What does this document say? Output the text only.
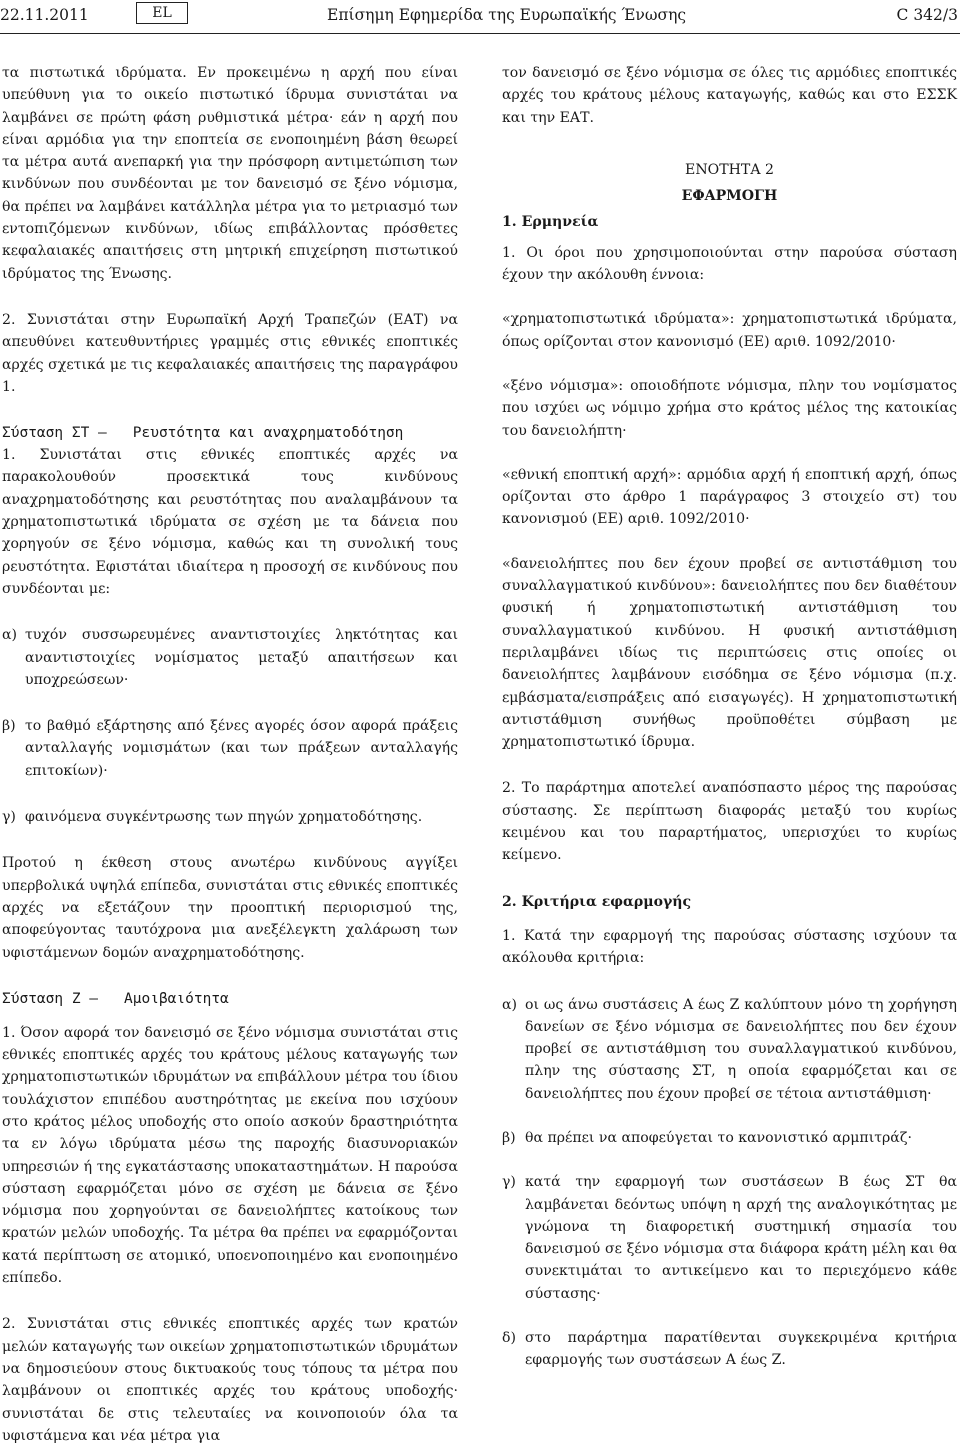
22.11.2011	EL	Επίσημη Εφημερίδα της Ευρωπαϊκής Ένωσης	C 342/3

τα πιστωτικά ιδρύματα. Εν προκειμένω η αρχή που είναι υπεύθυνη για το οικείο πιστωτικό ίδρυμα συνιστάται να λαμβάνει σε πρώτη φάση ρυθμιστικά μέτρα· εάν η αρχή που είναι αρμόδια για την εποπτεία σε ενοποιημένη βάση θεωρεί τα μέτρα αυτά ανεπαρκή για την πρόσφορη αντιμετώπιση των κινδύνων που συνδέονται με τον δανεισμό σε ξένο νόμισμα, θα πρέπει να λαμβάνει κατάλληλα μέτρα για το μετριασμό των εντοπιζόμενων κινδύνων, ιδίως επιβάλλοντας πρόσθετες κεφαλαιακές απαιτήσεις στη μητρική επιχείρηση πιστωτικού ιδρύματος της Ένωσης.

2. Συνιστάται στην Ευρωπαϊκή Αρχή Τραπεζών (ΕΑΤ) να απευθύνει κατευθυντήριες γραμμές στις εθνικές εποπτικές αρχές σχετικά με τις κεφαλαιακές απαιτήσεις της παραγράφου 1.

Σύσταση ΣΤ – Ρευστότητα και αναχρηματοδότηση

1. Συνιστάται στις εθνικές εποπτικές αρχές να παρακολουθούν προσεκτικά τους κινδύνους αναχρηματοδότησης και ρευστότητας που αναλαμβάνουν τα χρηματοπιστωτικά ιδρύματα σε σχέση με τα δάνεια που χορηγούν σε ξένο νόμισμα, καθώς και τη συνολική τους ρευστότητα. Εφιστάται ιδιαίτερα η προσοχή σε κινδύνους που συνδέονται με:

α) τυχόν συσσωρευμένες αναντιστοιχίες ληκτότητας και αναντιστοιχίες νομίσματος μεταξύ απαιτήσεων και υποχρεώσεων·

β) το βαθμό εξάρτησης από ξένες αγορές όσον αφορά πράξεις ανταλλαγής νομισμάτων (και των πράξεων ανταλλαγής επιτοκίων)·

γ) φαινόμενα συγκέντρωσης των πηγών χρηματοδότησης.

Προτού η έκθεση στους ανωτέρω κινδύνους αγγίξει υπερβολικά υψηλά επίπεδα, συνιστάται στις εθνικές εποπτικές αρχές να εξετάζουν την προοπτική περιορισμού της, αποφεύγοντας ταυτόχρονα μια ανεξέλεγκτη χαλάρωση των υφιστάμενων δομών αναχρηματοδότησης.

Σύσταση Ζ – Αμοιβαιότητα

1. Όσον αφορά τον δανεισμό σε ξένο νόμισμα συνιστάται στις εθνικές εποπτικές αρχές του κράτους μέλους καταγωγής των χρηματοπιστωτικών ιδρυμάτων να επιβάλλουν μέτρα του ίδιου τουλάχιστον επιπέδου αυστηρότητας με εκείνα που ισχύουν στο κράτος μέλος υποδοχής στο οποίο ασκούν δραστηριότητα τα εν λόγω ιδρύματα μέσω της παροχής διασυνοριακών υπηρεσιών ή της εγκατάστασης υποκαταστημάτων. Η παρούσα σύσταση εφαρμόζεται μόνο σε σχέση με δάνεια σε ξένο νόμισμα που χορηγούνται σε δανειολήπτες κατοίκους των κρατών μελών υποδοχής. Τα μέτρα θα πρέπει να εφαρμόζονται κατά περίπτωση σε ατομικό, υποενοποιημένο και ενοποιημένο επίπεδο.

2. Συνιστάται στις εθνικές εποπτικές αρχές των κρατών μελών καταγωγής των οικείων χρηματοπιστωτικών ιδρυμάτων να δημοσιεύουν στους δικτυακούς τους τόπους τα μέτρα που λαμβάνουν οι εποπτικές αρχές του κράτους υποδοχής· συνιστάται δε στις τελευταίες να κοινοποιούν όλα τα υφιστάμενα και νέα μέτρα για

τον δανεισμό σε ξένο νόμισμα σε όλες τις αρμόδιες εποπτικές αρχές του κράτους μέλους καταγωγής, καθώς και στο ΕΣΣΚ και την ΕΑΤ.

ΕΝΟΤΗΤΑ 2

ΕΦΑΡΜΟΓΗ

1. Ερμηνεία

1. Οι όροι που χρησιμοποιούνται στην παρούσα σύσταση έχουν την ακόλουθη έννοια:

«χρηματοπιστωτικά ιδρύματα»: χρηματοπιστωτικά ιδρύματα, όπως ορίζονται στον κανονισμό (ΕΕ) αριθ. 1092/2010·

«ξένο νόμισμα»: οποιοδήποτε νόμισμα, πλην του νομίσματος που ισχύει ως νόμιμο χρήμα στο κράτος μέλος της κατοικίας του δανειολήπτη·

«εθνική εποπτική αρχή»: αρμόδια αρχή ή εποπτική αρχή, όπως ορίζονται στο άρθρο 1 παράγραφος 3 στοιχείο στ) του κανονισμού (ΕΕ) αριθ. 1092/2010·

«δανειολήπτες που δεν έχουν προβεί σε αντιστάθμιση του συναλλαγματικού κινδύνου»: δανειολήπτες που δεν διαθέτουν φυσική ή χρηματοπιστωτική αντιστάθμιση του συναλλαγματικού κινδύνου. Η φυσική αντιστάθμιση περιλαμβάνει ιδίως τις περιπτώσεις στις οποίες οι δανειολήπτες λαμβάνουν εισόδημα σε ξένο νόμισμα (π.χ. εμβάσματα/εισπράξεις από εισαγωγές). Η χρηματοπιστωτική αντιστάθμιση συνήθως προϋποθέτει σύμβαση με χρηματοπιστωτικό ίδρυμα.

2. Το παράρτημα αποτελεί αναπόσπαστο μέρος της παρούσας σύστασης. Σε περίπτωση διαφοράς μεταξύ του κυρίως κειμένου και του παραρτήματος, υπερισχύει το κυρίως κείμενο.

2. Κριτήρια εφαρμογής

1. Κατά την εφαρμογή της παρούσας σύστασης ισχύουν τα ακόλουθα κριτήρια:

α) οι ως άνω συστάσεις Α έως Ζ καλύπτουν μόνο τη χορήγηση δανείων σε ξένο νόμισμα σε δανειολήπτες που δεν έχουν προβεί σε αντιστάθμιση του συναλλαγματικού κινδύνου, πλην της σύστασης ΣΤ, η οποία εφαρμόζεται και σε δανειολήπτες που έχουν προβεί σε τέτοια αντιστάθμιση·

β) θα πρέπει να αποφεύγεται το κανονιστικό αρμπιτράζ·

γ) κατά την εφαρμογή των συστάσεων Β έως ΣΤ θα λαμβάνεται δεόντως υπόψη η αρχή της αναλογικότητας με γνώμονα τη διαφορετική συστημική σημασία του δανεισμού σε ξένο νόμισμα στα διάφορα κράτη μέλη και θα συνεκτιμάται το αντικείμενο και το περιεχόμενο κάθε σύστασης·

δ) στο παράρτημα παρατίθενται συγκεκριμένα κριτήρια εφαρμογής των συστάσεων Α έως Ζ.
